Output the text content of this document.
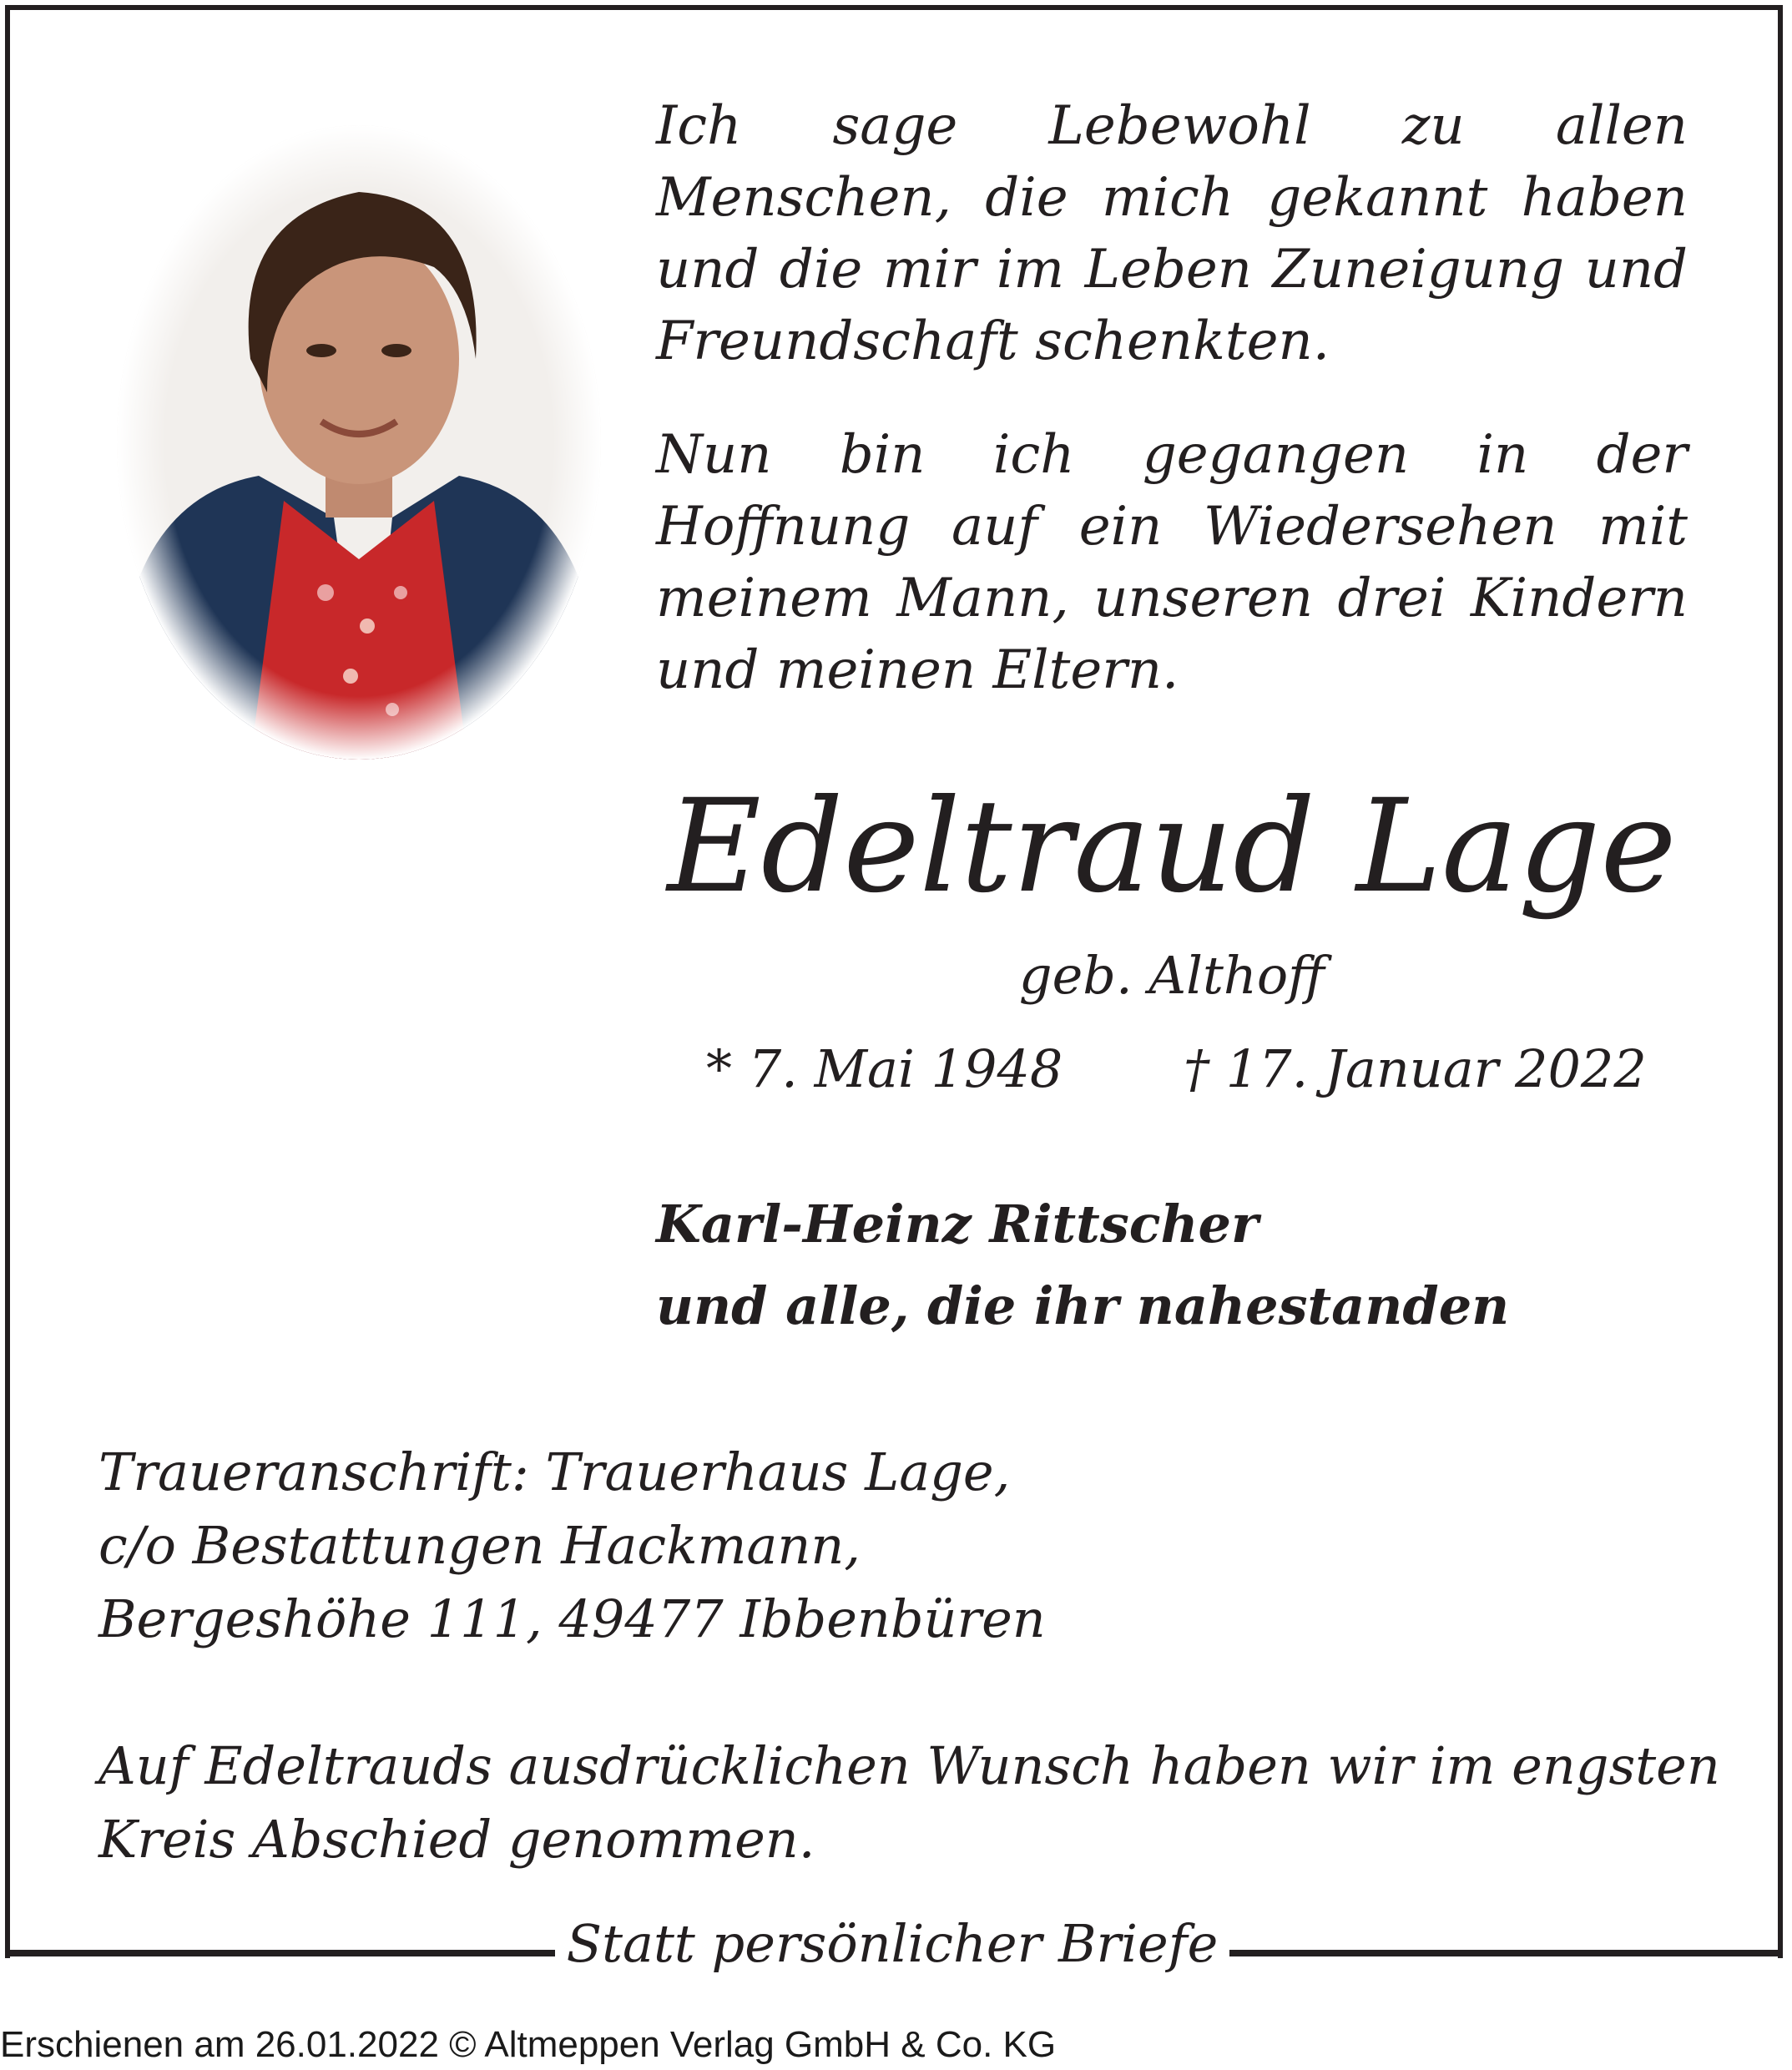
Statt persönlicher Briefe

Ich sage Lebewohl zu allen Menschen, die mich gekannt haben und die mir im Leben Zuneigung und Freundschaft schenkten.

Nun bin ich gegangen in der Hoffnung auf ein Wiedersehen mit meinem Mann, unseren drei Kindern und meinen Eltern.

Edeltraud Lage
geb. Althoff
* 7. Mai 1948 † 17. Januar 2022
Karl-Heinz Rittscher
und alle, die ihr nahestanden
Traueranschrift: Trauerhaus Lage,
c/o Bestattungen Hackmann,
Bergeshöhe 111, 49477 Ibbenbüren
Auf Edeltrauds ausdrücklichen Wunsch haben wir im engsten
Kreis Abschied genommen.
Erschienen am 26.01.2022 © Altmeppen Verlag GmbH & Co. KG
